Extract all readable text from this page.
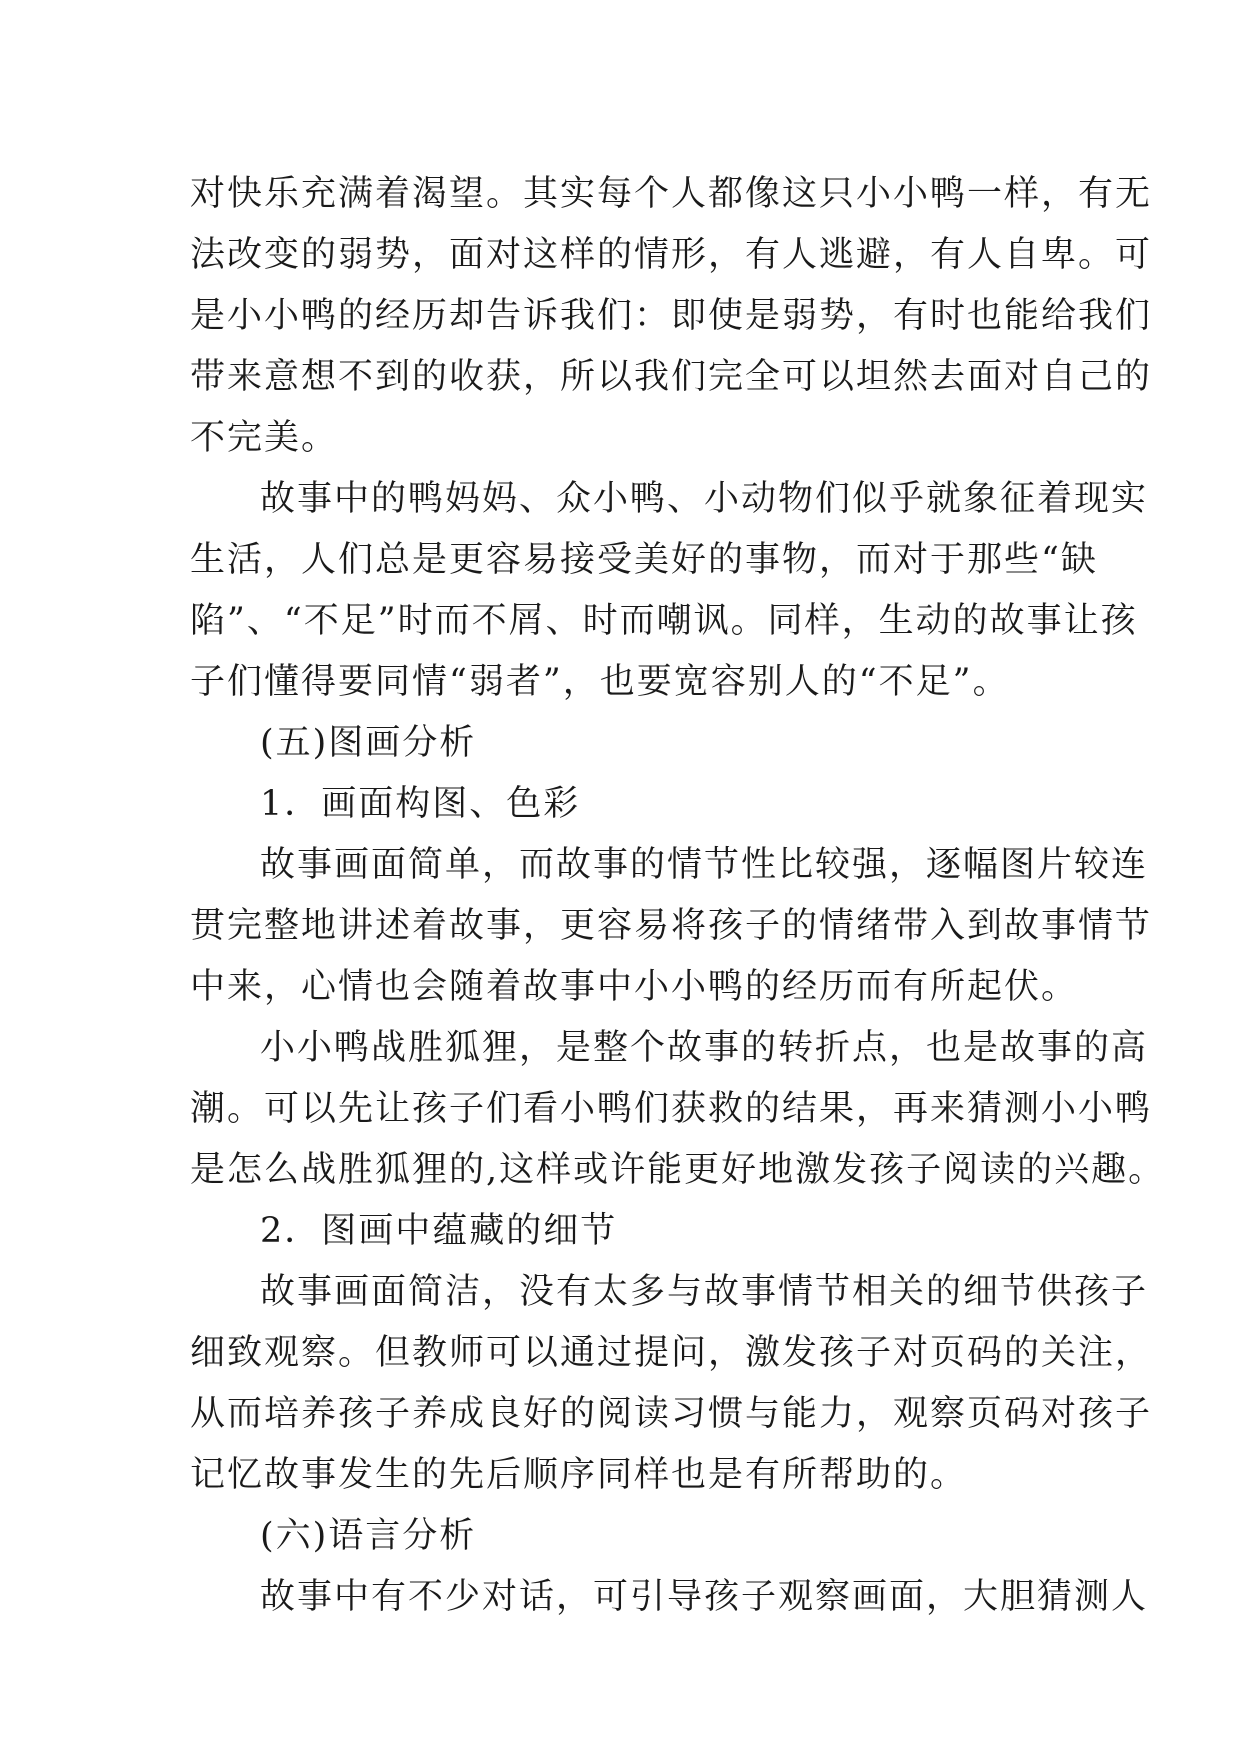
对快乐充满着渴望。其实每个人都像这只小小鸭一样，有无
法改变的弱势，面对这样的情形，有人逃避，有人自卑。可
是小小鸭的经历却告诉我们：即使是弱势，有时也能给我们
带来意想不到的收获，所以我们完全可以坦然去面对自己的
不完美。
故事中的鸭妈妈、众小鸭、小动物们似乎就象征着现实
生活，人们总是更容易接受美好的事物，而对于那些“缺
陷”、“不足”时而不屑、时而嘲讽。同样，生动的故事让孩
子们懂得要同情“弱者”，也要宽容别人的“不足”。
(五)图画分析
1．画面构图、色彩
故事画面简单，而故事的情节性比较强，逐幅图片较连
贯完整地讲述着故事，更容易将孩子的情绪带入到故事情节
中来，心情也会随着故事中小小鸭的经历而有所起伏。
小小鸭战胜狐狸，是整个故事的转折点，也是故事的高
潮。可以先让孩子们看小鸭们获救的结果，再来猜测小小鸭
是怎么战胜狐狸的,这样或许能更好地激发孩子阅读的兴趣。
2．图画中蕴藏的细节
故事画面简洁，没有太多与故事情节相关的细节供孩子
细致观察。但教师可以通过提问，激发孩子对页码的关注，
从而培养孩子养成良好的阅读习惯与能力，观察页码对孩子
记忆故事发生的先后顺序同样也是有所帮助的。
(六)语言分析
故事中有不少对话，可引导孩子观察画面，大胆猜测人
